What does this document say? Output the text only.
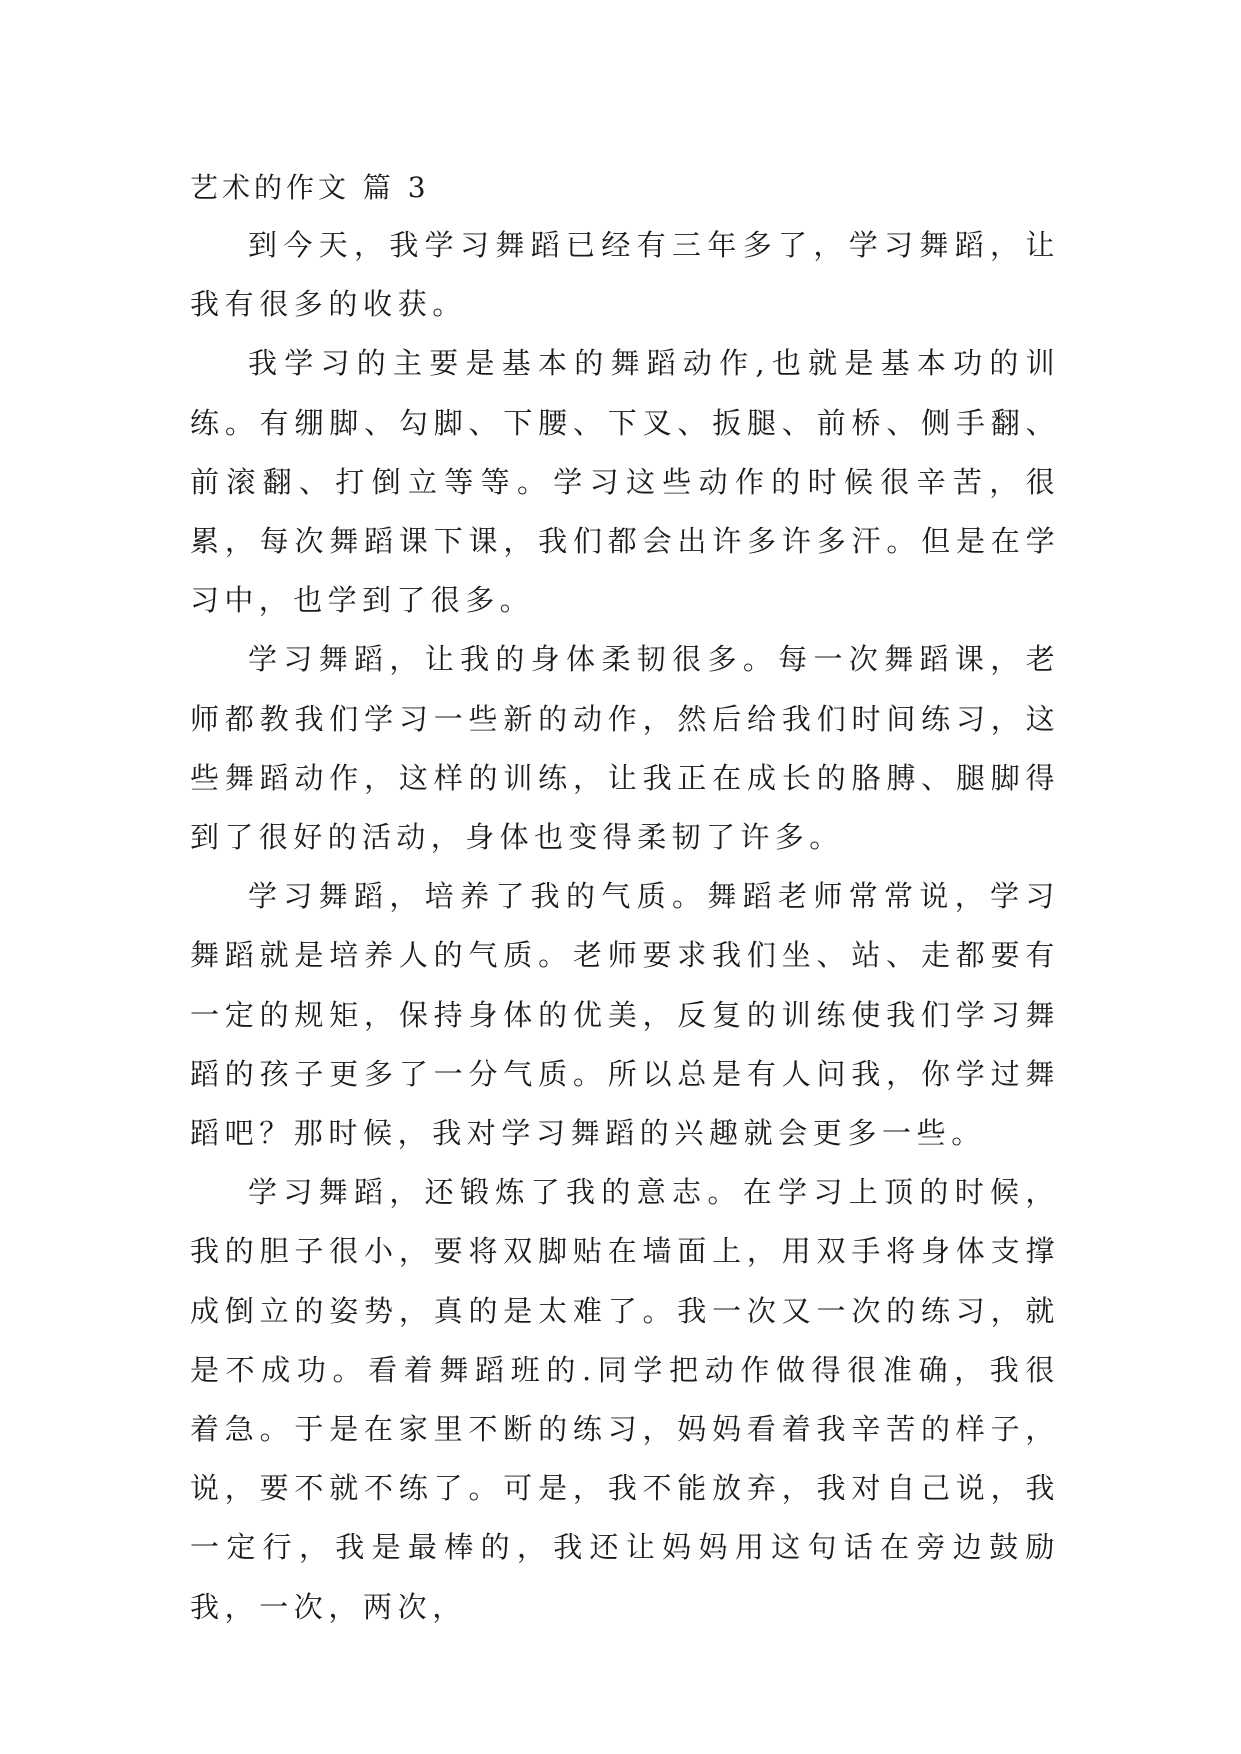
艺术的作文 篇 3

到今天，我学习舞蹈已经有三年多了，学习舞蹈，让我有很多的收获。

我学习的主要是基本的舞蹈动作,也就是基本功的训练。有绷脚、勾脚、下腰、下叉、扳腿、前桥、侧手翻、前滚翻、打倒立等等。学习这些动作的时候很辛苦，很累，每次舞蹈课下课，我们都会出许多许多汗。但是在学习中，也学到了很多。

学习舞蹈，让我的身体柔韧很多。每一次舞蹈课，老师都教我们学习一些新的动作，然后给我们时间练习，这些舞蹈动作，这样的训练，让我正在成长的胳膊、腿脚得到了很好的活动，身体也变得柔韧了许多。

学习舞蹈，培养了我的气质。舞蹈老师常常说，学习舞蹈就是培养人的气质。老师要求我们坐、站、走都要有一定的规矩，保持身体的优美，反复的训练使我们学习舞蹈的孩子更多了一分气质。所以总是有人问我，你学过舞蹈吧？那时候，我对学习舞蹈的兴趣就会更多一些。

学习舞蹈，还锻炼了我的意志。在学习上顶的时候，我的胆子很小，要将双脚贴在墙面上，用双手将身体支撑成倒立的姿势，真的是太难了。我一次又一次的练习，就是不成功。看着舞蹈班的.同学把动作做得很准确，我很着急。于是在家里不断的练习，妈妈看着我辛苦的样子，说，要不就不练了。可是，我不能放弃，我对自己说，我一定行，我是最棒的，我还让妈妈用这句话在旁边鼓励我，一次，两次，
